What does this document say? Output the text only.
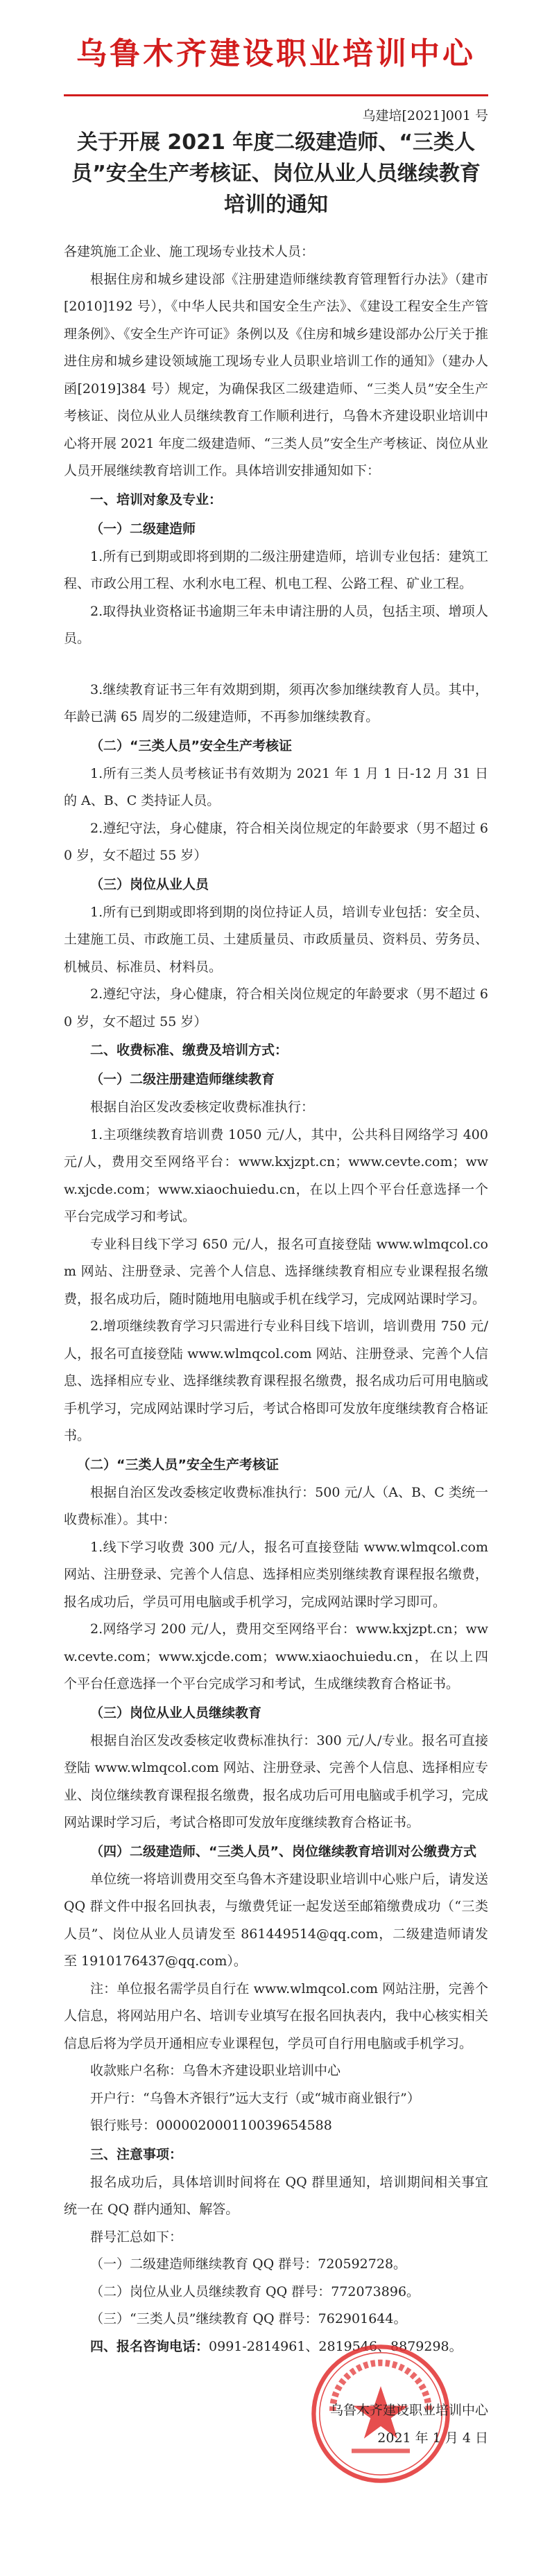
乌鲁木齐建设职业培训中心
乌建培[2021]001 号
关于开展 2021 年度二级建造师、“三类人员”安全生产考核证、岗位从业人员继续教育培训的通知

各建筑施工企业、施工现场专业技术人员：

根据住房和城乡建设部《注册建造师继续教育管理暂行办法》（建市[2010]192 号），《中华人民共和国安全生产法》、《建设工程安全生产管理条例》、《安全生产许可证》条例以及《住房和城乡建设部办公厅关于推进住房和城乡建设领域施工现场专业人员职业培训工作的通知》（建办人函[2019]384 号）规定，为确保我区二级建造师、“三类人员”安全生产考核证、岗位从业人员继续教育工作顺利进行，乌鲁木齐建设职业培训中心将开展 2021 年度二级建造师、“三类人员”安全生产考核证、岗位从业人员开展继续教育培训工作。具体培训安排通知如下：

一、培训对象及专业：

（一）二级建造师

1.所有已到期或即将到期的二级注册建造师，培训专业包括：建筑工程、市政公用工程、水利水电工程、机电工程、公路工程、矿业工程。

2.取得执业资格证书逾期三年未申请注册的人员，包括主项、增项人员。

3.继续教育证书三年有效期到期，须再次参加继续教育人员。其中，年龄已满 65 周岁的二级建造师，不再参加继续教育。

（二）“三类人员”安全生产考核证

1.所有三类人员考核证书有效期为 2021 年 1 月 1 日-12 月 31 日的 A、B、C 类持证人员。

2.遵纪守法，身心健康，符合相关岗位规定的年龄要求（男不超过 60 岁，女不超过 55 岁）

（三）岗位从业人员

1.所有已到期或即将到期的岗位持证人员，培训专业包括：安全员、土建施工员、市政施工员、土建质量员、市政质量员、资料员、劳务员、机械员、标准员、材料员。

2.遵纪守法，身心健康，符合相关岗位规定的年龄要求（男不超过 60 岁，女不超过 55 岁）

二、收费标准、缴费及培训方式：

（一）二级注册建造师继续教育

根据自治区发改委核定收费标准执行：

1.主项继续教育培训费 1050 元/人，其中，公共科目网络学习 400 元/人，费用交至网络平台：www.kxjzpt.cn；www.cevte.com；www.xjcde.com；www.xiaochuiedu.cn，在以上四个平台任意选择一个平台完成学习和考试。

专业科目线下学习 650 元/人，报名可直接登陆 www.wlmqcol.com 网站、注册登录、完善个人信息、选择继续教育相应专业课程报名缴费，报名成功后，随时随地用电脑或手机在线学习，完成网站课时学习。

2.增项继续教育学习只需进行专业科目线下培训，培训费用 750 元/人，报名可直接登陆 www.wlmqcol.com 网站、注册登录、完善个人信息、选择相应专业、选择继续教育课程报名缴费，报名成功后可用电脑或手机学习，完成网站课时学习后，考试合格即可发放年度继续教育合格证书。

（二）“三类人员”安全生产考核证

根据自治区发改委核定收费标准执行：500 元/人（A、B、C 类统一收费标准）。其中：

1.线下学习收费 300 元/人，报名可直接登陆 www.wlmqcol.com 网站、注册登录、完善个人信息、选择相应类别继续教育课程报名缴费，报名成功后，学员可用电脑或手机学习，完成网站课时学习即可。

2.网络学习 200 元/人，费用交至网络平台：www.kxjzpt.cn；www.cevte.com；www.xjcde.com；www.xiaochuiedu.cn，在以上四个平台任意选择一个平台完成学习和考试，生成继续教育合格证书。

（三）岗位从业人员继续教育

根据自治区发改委核定收费标准执行：300 元/人/专业。报名可直接登陆 www.wlmqcol.com 网站、注册登录、完善个人信息、选择相应专业、岗位继续教育课程报名缴费，报名成功后可用电脑或手机学习，完成网站课时学习后，考试合格即可发放年度继续教育合格证书。

（四）二级建造师、“三类人员”、岗位继续教育培训对公缴费方式

单位统一将培训费用交至乌鲁木齐建设职业培训中心账户后，请发送 QQ 群文件中报名回执表，与缴费凭证一起发送至邮箱缴费成功（“三类人员”、岗位从业人员请发至 861449514@qq.com，二级建造师请发至 1910176437@qq.com）。

注：单位报名需学员自行在 www.wlmqcol.com 网站注册，完善个人信息，将网站用户名、培训专业填写在报名回执表内，我中心核实相关信息后将为学员开通相应专业课程包，学员可自行用电脑或手机学习。

收款账户名称：乌鲁木齐建设职业培训中心

开户行：“乌鲁木齐银行”远大支行（或“城市商业银行”）

银行账号：000002000110039654588

三、注意事项：

报名成功后，具体培训时间将在 QQ 群里通知，培训期间相关事宜统一在 QQ 群内通知、解答。

群号汇总如下：

（一）二级建造师继续教育 QQ 群号：720592728。

（二）岗位从业人员继续教育 QQ 群号：772073896。

（三）“三类人员”继续教育 QQ 群号：762901644。

四、报名咨询电话：0991-2814961、2819546、8879298。

乌鲁木齐建设职业培训中心
2021 年 1 月 4 日
